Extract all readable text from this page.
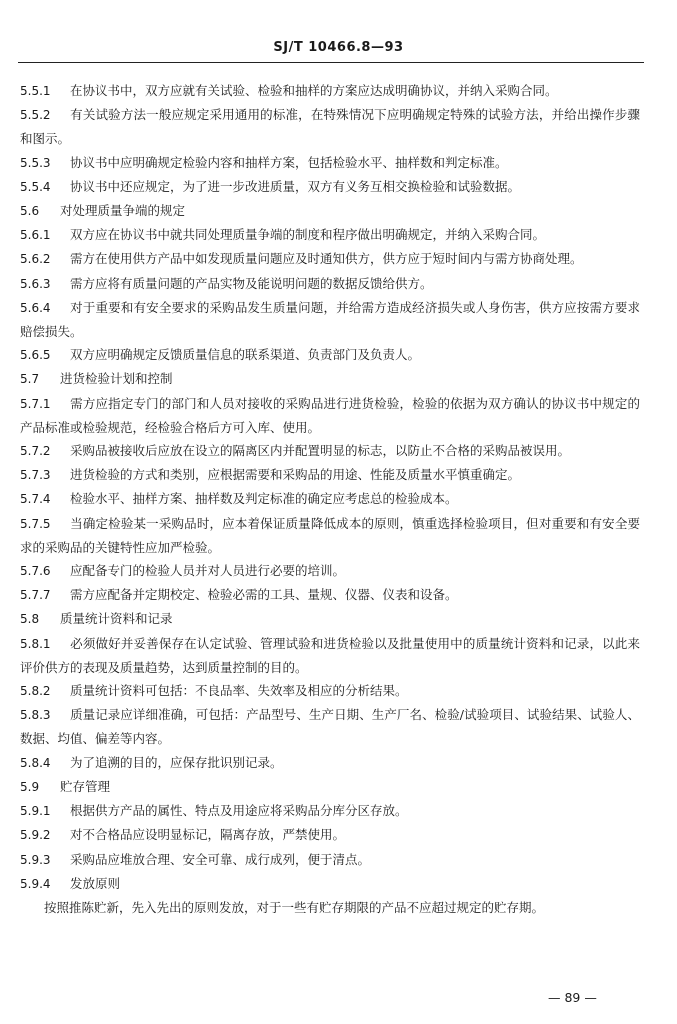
SJ/T 10466.8—93

5.5.1 在协议书中，双方应就有关试验、检验和抽样的方案应达成明确协议，并纳入采购合同。

5.5.2 有关试验方法一般应规定采用通用的标准，在特殊情况下应明确规定特殊的试验方法，并给出操作步骤和图示。

5.5.3 协议书中应明确规定检验内容和抽样方案，包括检验水平、抽样数和判定标准。

5.5.4 协议书中还应规定，为了进一步改进质量，双方有义务互相交换检验和试验数据。

5.6 对处理质量争端的规定

5.6.1 双方应在协议书中就共同处理质量争端的制度和程序做出明确规定，并纳入采购合同。

5.6.2 需方在使用供方产品中如发现质量问题应及时通知供方，供方应于短时间内与需方协商处理。

5.6.3 需方应将有质量问题的产品实物及能说明问题的数据反馈给供方。

5.6.4 对于重要和有安全要求的采购品发生质量问题，并给需方造成经济损失或人身伤害，供方应按需方要求赔偿损失。

5.6.5 双方应明确规定反馈质量信息的联系渠道、负责部门及负责人。

5.7 进货检验计划和控制

5.7.1 需方应指定专门的部门和人员对接收的采购品进行进货检验，检验的依据为双方确认的协议书中规定的产品标准或检验规范，经检验合格后方可入库、使用。

5.7.2 采购品被接收后应放在设立的隔离区内并配置明显的标志，以防止不合格的采购品被误用。

5.7.3 进货检验的方式和类别，应根据需要和采购品的用途、性能及质量水平慎重确定。

5.7.4 检验水平、抽样方案、抽样数及判定标准的确定应考虑总的检验成本。

5.7.5 当确定检验某一采购品时，应本着保证质量降低成本的原则，慎重选择检验项目，但对重要和有安全要求的采购品的关键特性应加严检验。

5.7.6 应配备专门的检验人员并对人员进行必要的培训。

5.7.7 需方应配备并定期校定、检验必需的工具、量规、仪器、仪表和设备。

5.8 质量统计资料和记录

5.8.1 必须做好并妥善保存在认定试验、管理试验和进货检验以及批量使用中的质量统计资料和记录，以此来评价供方的表现及质量趋势，达到质量控制的目的。

5.8.2 质量统计资料可包括：不良品率、失效率及相应的分析结果。

5.8.3 质量记录应详细准确，可包括：产品型号、生产日期、生产厂名、检验/试验项目、试验结果、试验人、数据、均值、偏差等内容。

5.8.4 为了追溯的目的，应保存批识别记录。

5.9 贮存管理

5.9.1 根据供方产品的属性、特点及用途应将采购品分库分区存放。

5.9.2 对不合格品应设明显标记，隔离存放，严禁使用。

5.9.3 采购品应堆放合理、安全可靠、成行成列，便于清点。

5.9.4 发放原则

按照推陈贮新，先入先出的原则发放，对于一些有贮存期限的产品不应超过规定的贮存期。

— 89 —
